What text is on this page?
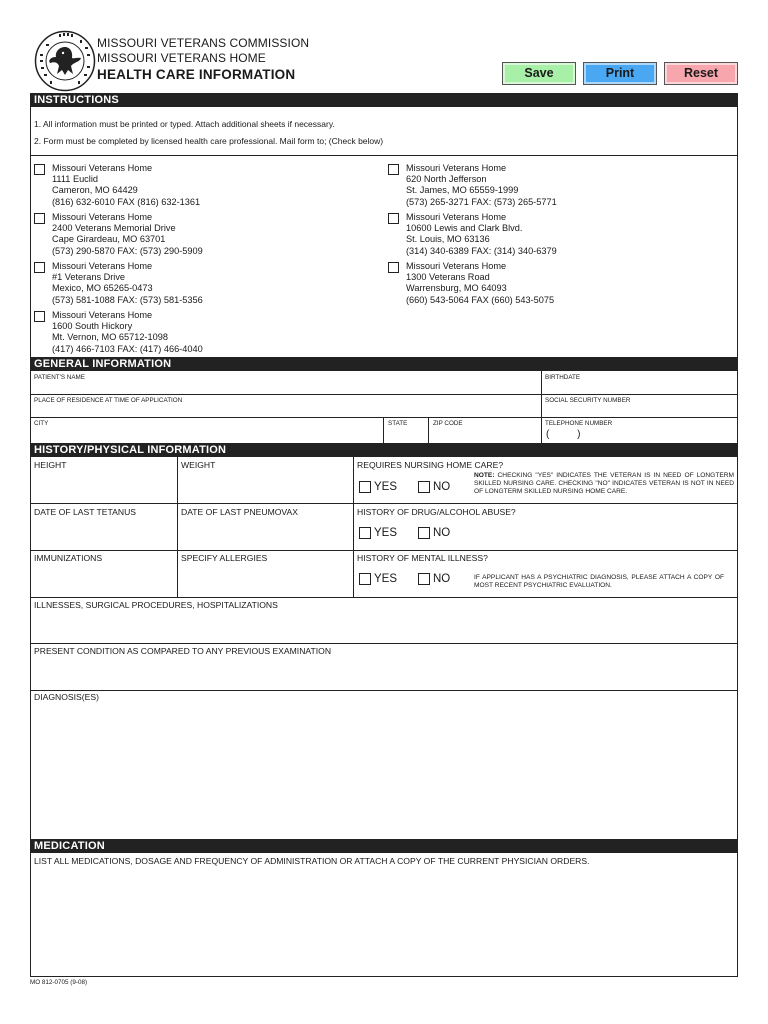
MISSOURI VETERANS COMMISSION
MISSOURI VETERANS HOME
HEALTH CARE INFORMATION	Save	Print	Reset
INSTRUCTIONS
1. All information must be printed or typed. Attach additional sheets if necessary.
2. Form must be completed by licensed health care professional. Mail form to; (Check below)
Missouri Veterans Home
1111 Euclid
Cameron, MO 64429
(816) 632-6010 FAX (816) 632-1361
Missouri Veterans Home
2400 Veterans Memorial Drive
Cape Girardeau, MO 63701
(573) 290-5870 FAX: (573) 290-5909
Missouri Veterans Home
#1 Veterans Drive
Mexico, MO 65265-0473
(573) 581-1088 FAX: (573) 581-5356
Missouri Veterans Home
1600 South Hickory
Mt. Vernon, MO 65712-1098
(417) 466-7103 FAX: (417) 466-4040
Missouri Veterans Home
620 North Jefferson
St. James, MO 65559-1999
(573) 265-3271 FAX: (573) 265-5771
Missouri Veterans Home
10600 Lewis and Clark Blvd.
St. Louis, MO 63136
(314) 340-6389 FAX: (314) 340-6379
Missouri Veterans Home
1300 Veterans Road
Warrensburg, MO 64093
(660) 543-5064 FAX (660) 543-5075
GENERAL INFORMATION
PATIENT'S NAME	BIRTHDATE
PLACE OF RESIDENCE AT TIME OF APPLICATION	SOCIAL SECURITY NUMBER
CITY	STATE	ZIP CODE	TELEPHONE NUMBER
(          )
HISTORY/PHYSICAL INFORMATION
HEIGHT	WEIGHT	REQUIRES NURSING HOME CARE?
YES	NO
NOTE: CHECKING "YES" INDICATES THE VETERAN IS IN NEED OF LONGTERM SKILLED NURSING CARE. CHECKING "NO" INDICATES VETERAN IS NOT IN NEED OF LONGTERM SKILLED NURSING HOME CARE.
DATE OF LAST TETANUS	DATE OF LAST PNEUMOVAX	HISTORY OF DRUG/ALCOHOL ABUSE?
YES	NO
IMMUNIZATIONS	SPECIFY ALLERGIES	HISTORY OF MENTAL ILLNESS?
YES	NO	IF APPLICANT HAS A PSYCHIATRIC DIAGNOSIS, PLEASE ATTACH A COPY OF MOST RECENT PSYCHIATRIC EVALUATION.
ILLNESSES, SURGICAL PROCEDURES, HOSPITALIZATIONS
PRESENT CONDITION AS COMPARED TO ANY PREVIOUS EXAMINATION
DIAGNOSIS(ES)
MEDICATION
LIST ALL MEDICATIONS, DOSAGE AND FREQUENCY OF ADMINISTRATION OR ATTACH A COPY OF THE CURRENT PHYSICIAN ORDERS.
MO 812-0705 (9-08)
